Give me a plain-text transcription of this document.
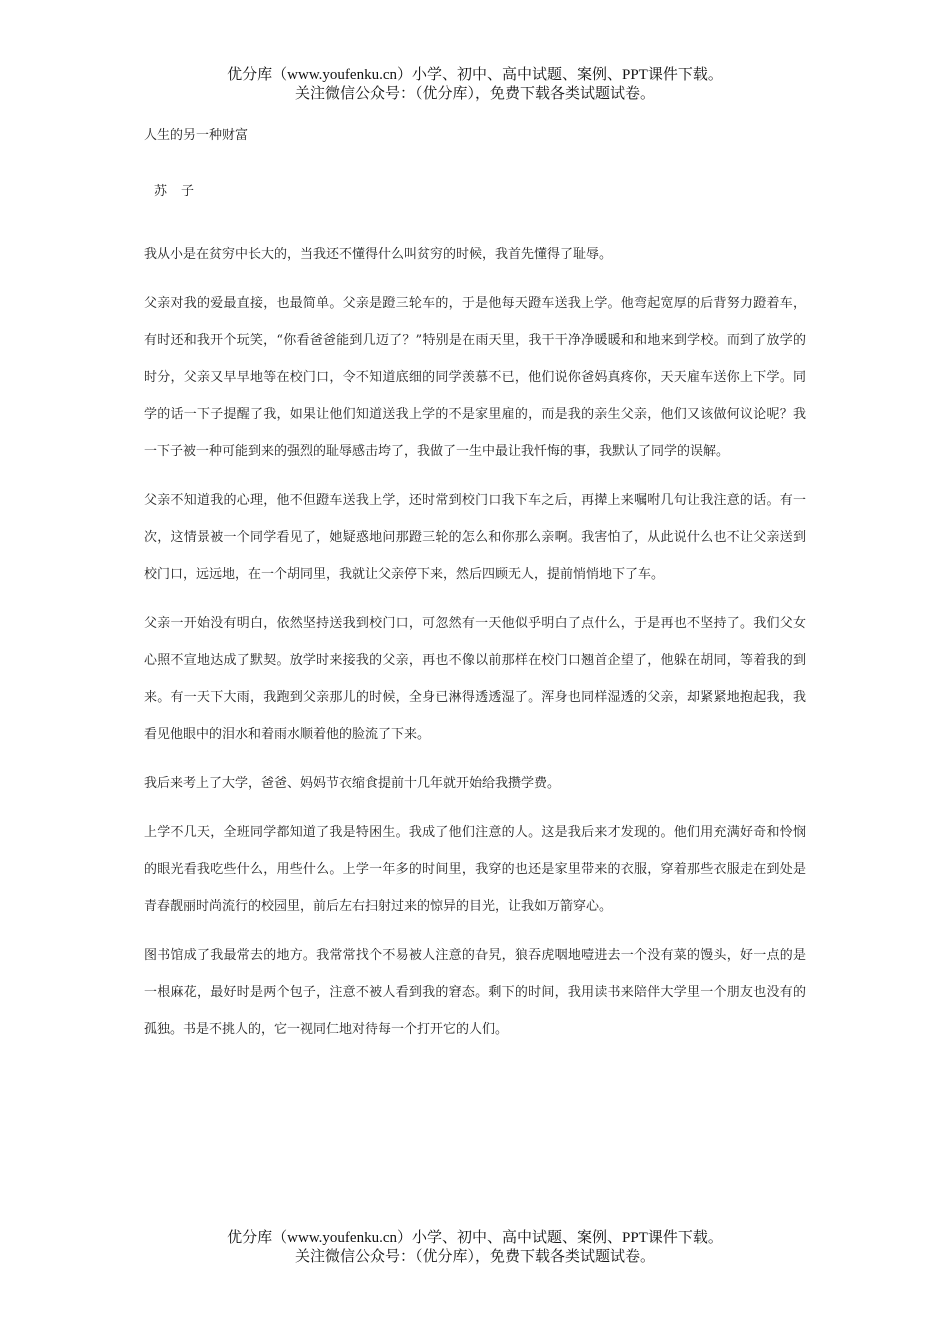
优分库（www.youfenku.cn）小学、初中、高中试题、案例、PPT课件下载。
关注微信公众号：（优分库），免费下载各类试题试卷。
人生的另一种财富
苏子

我从小是在贫穷中长大的，当我还不懂得什么叫贫穷的时候，我首先懂得了耻辱。

父亲对我的爱最直接，也最简单。父亲是蹬三轮车的，于是他每天蹬车送我上学。他弯起宽厚的后背努力蹬着车，有时还和我开个玩笑，“你看爸爸能到几迈了？”特别是在雨天里，我干干净净暖暖和和地来到学校。而到了放学的时分，父亲又早早地等在校门口，令不知道底细的同学羡慕不已，他们说你爸妈真疼你，天天雇车送你上下学。同学的话一下子提醒了我，如果让他们知道送我上学的不是家里雇的，而是我的亲生父亲，他们又该做何议论呢？我一下子被一种可能到来的强烈的耻辱感击垮了，我做了一生中最让我忏悔的事，我默认了同学的误解。

父亲不知道我的心理，他不但蹬车送我上学，还时常到校门口我下车之后，再撵上来嘱咐几句让我注意的话。有一次，这情景被一个同学看见了，她疑惑地问那蹬三轮的怎么和你那么亲啊。我害怕了，从此说什么也不让父亲送到校门口，远远地，在一个胡同里，我就让父亲停下来，然后四顾无人，提前悄悄地下了车。

父亲一开始没有明白，依然坚持送我到校门口，可忽然有一天他似乎明白了点什么，于是再也不坚持了。我们父女心照不宣地达成了默契。放学时来接我的父亲，再也不像以前那样在校门口翘首企望了，他躲在胡同，等着我的到来。有一天下大雨，我跑到父亲那儿的时候，全身已淋得透透湿了。浑身也同样湿透的父亲，却紧紧地抱起我，我看见他眼中的泪水和着雨水顺着他的脸流了下来。

我后来考上了大学，爸爸、妈妈节衣缩食提前十几年就开始给我攒学费。

上学不几天，全班同学都知道了我是特困生。我成了他们注意的人。这是我后来才发现的。他们用充满好奇和怜悯的眼光看我吃些什么，用些什么。上学一年多的时间里，我穿的也还是家里带来的衣服，穿着那些衣服走在到处是青春靓丽时尚流行的校园里，前后左右扫射过来的惊异的目光，让我如万箭穿心。

图书馆成了我最常去的地方。我常常找个不易被人注意的旮旯，狼吞虎咽地噎进去一个没有菜的馒头，好一点的是一根麻花，最好时是两个包子，注意不被人看到我的窘态。剩下的时间，我用读书来陪伴大学里一个朋友也没有的孤独。书是不挑人的，它一视同仁地对待每一个打开它的人们。

优分库（www.youfenku.cn）小学、初中、高中试题、案例、PPT课件下载。
关注微信公众号：（优分库），免费下载各类试题试卷。
